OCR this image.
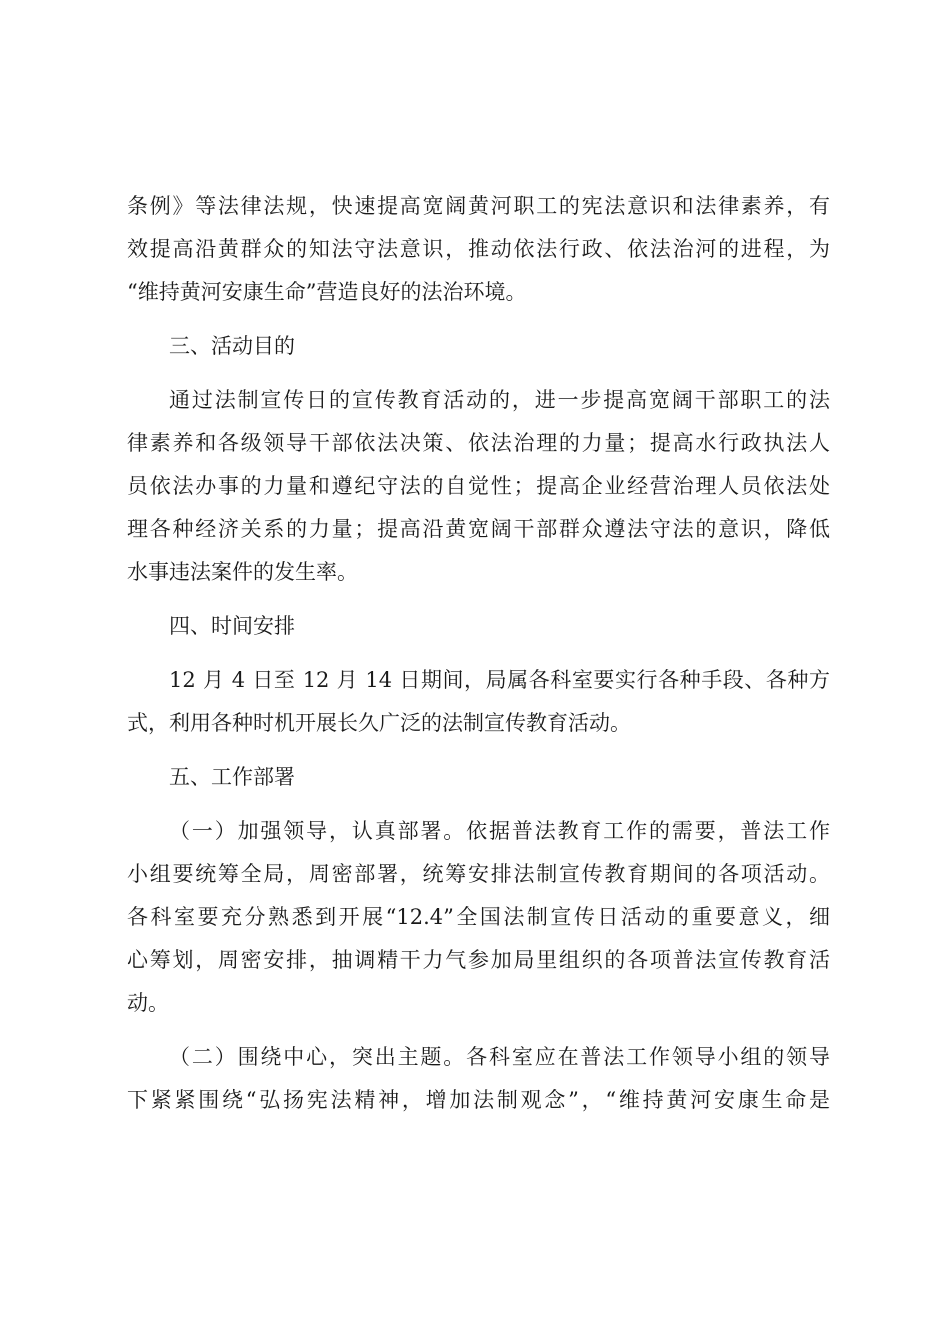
条例》等法律法规，快速提高宽阔黄河职工的宪法意识和法律素养，有
效提高沿黄群众的知法守法意识，推动依法行政、依法治河的进程，为
“维持黄河安康生命”营造良好的法治环境。
三、活动目的
通过法制宣传日的宣传教育活动的，进一步提高宽阔干部职工的法
律素养和各级领导干部依法决策、依法治理的力量；提高水行政执法人
员依法办事的力量和遵纪守法的自觉性；提高企业经营治理人员依法处
理各种经济关系的力量；提高沿黄宽阔干部群众遵法守法的意识，降低
水事违法案件的发生率。
四、时间安排
12 月 4 日至 12 月 14 日期间，局属各科室要实行各种手段、各种方
式，利用各种时机开展长久广泛的法制宣传教育活动。
五、工作部署
（一）加强领导，认真部署。依据普法教育工作的需要，普法工作
小组要统筹全局，周密部署，统筹安排法制宣传教育期间的各项活动。
各科室要充分熟悉到开展“12.4”全国法制宣传日活动的重要意义，细
心筹划，周密安排，抽调精干力气参加局里组织的各项普法宣传教育活
动。
（二）围绕中心，突出主题。各科室应在普法工作领导小组的领导
下紧紧围绕“弘扬宪法精神，增加法制观念”，“维持黄河安康生命是
